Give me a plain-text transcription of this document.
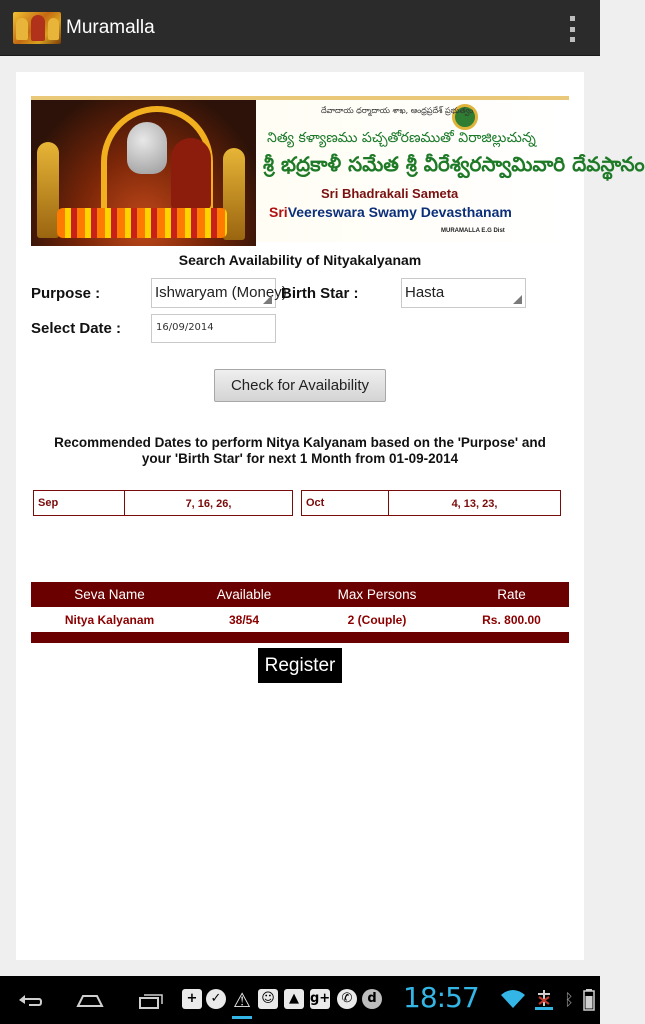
Muramalla
దేవాదాయ ధర్మాదాయ శాఖ, ఆంధ్రప్రదేశ్ ప్రభుత్వం
నిత్య కళ్యాణము పచ్చతోరణముతో విరాజిల్లుచున్న
శ్రీ భద్రకాళీ సమేత శ్రీ వీరేశ్వరస్వామివారి దేవస్థానం
Sri Bhadrakali Sameta
SriVeereswara Swamy Devasthanam
MURAMALLA E.G Dist
Search Availability of Nityakalyanam
Purpose :	Ishwaryam (Money)
Birth Star :	Hasta
Select Date :	16/09/2014
Check for Availability
Recommended Dates to perform Nitya Kalyanam based on the 'Purpose' and your 'Birth Star' for next 1 Month from 01-09-2014
Sep	7, 16, 26,	Oct	4, 13, 23,
Seva Name	Available	Max Persons	Rate
Nitya Kalyanam	38/54	2 (Couple)	Rs. 800.00

Register
+	✓ ⚠ ☺	▲ g+ ✆	d 18:57	ᛒ
